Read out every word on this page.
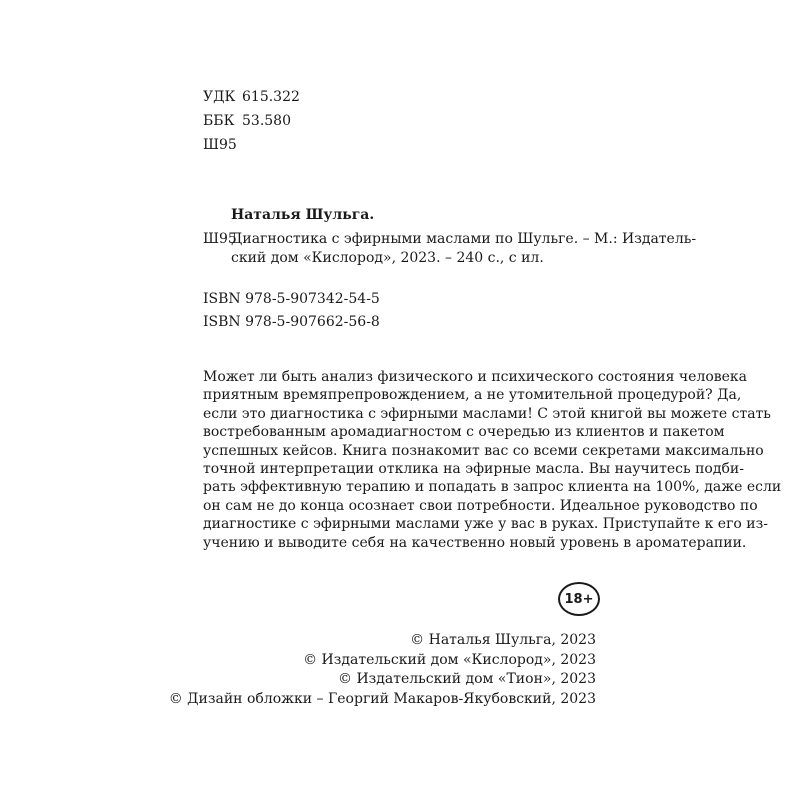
УДК 615.322
ББК 53.580
Ш95
Наталья Шульга.
Ш95
Диагностика с эфирными маслами по Шульге. – М.: Издатель-
ский дом «Кислород», 2023. – 240 с., с ил.
ISBN 978-5-907342-54-5
ISBN 978-5-907662-56-8
Может ли быть анализ физического и психического состояния человека
приятным времяпрепровождением, а не утомительной процедурой? Да,
если это диагностика с эфирными маслами! С этой книгой вы можете стать
востребованным аромадиагностом с очередью из клиентов и пакетом
успешных кейсов. Книга познакомит вас со всеми секретами максимально
точной интерпретации отклика на эфирные масла. Вы научитесь подби-
рать эффективную терапию и попадать в запрос клиента на 100%, даже если
он сам не до конца осознает свои потребности. Идеальное руководство по
диагностике с эфирными маслами уже у вас в руках. Приступайте к его из-
учению и выводите себя на качественно новый уровень в ароматерапии.
18+
© Наталья Шульга, 2023
© Издательский дом «Кислород», 2023
© Издательский дом «Тион», 2023
© Дизайн обложки – Георгий Макаров-Якубовский, 2023
